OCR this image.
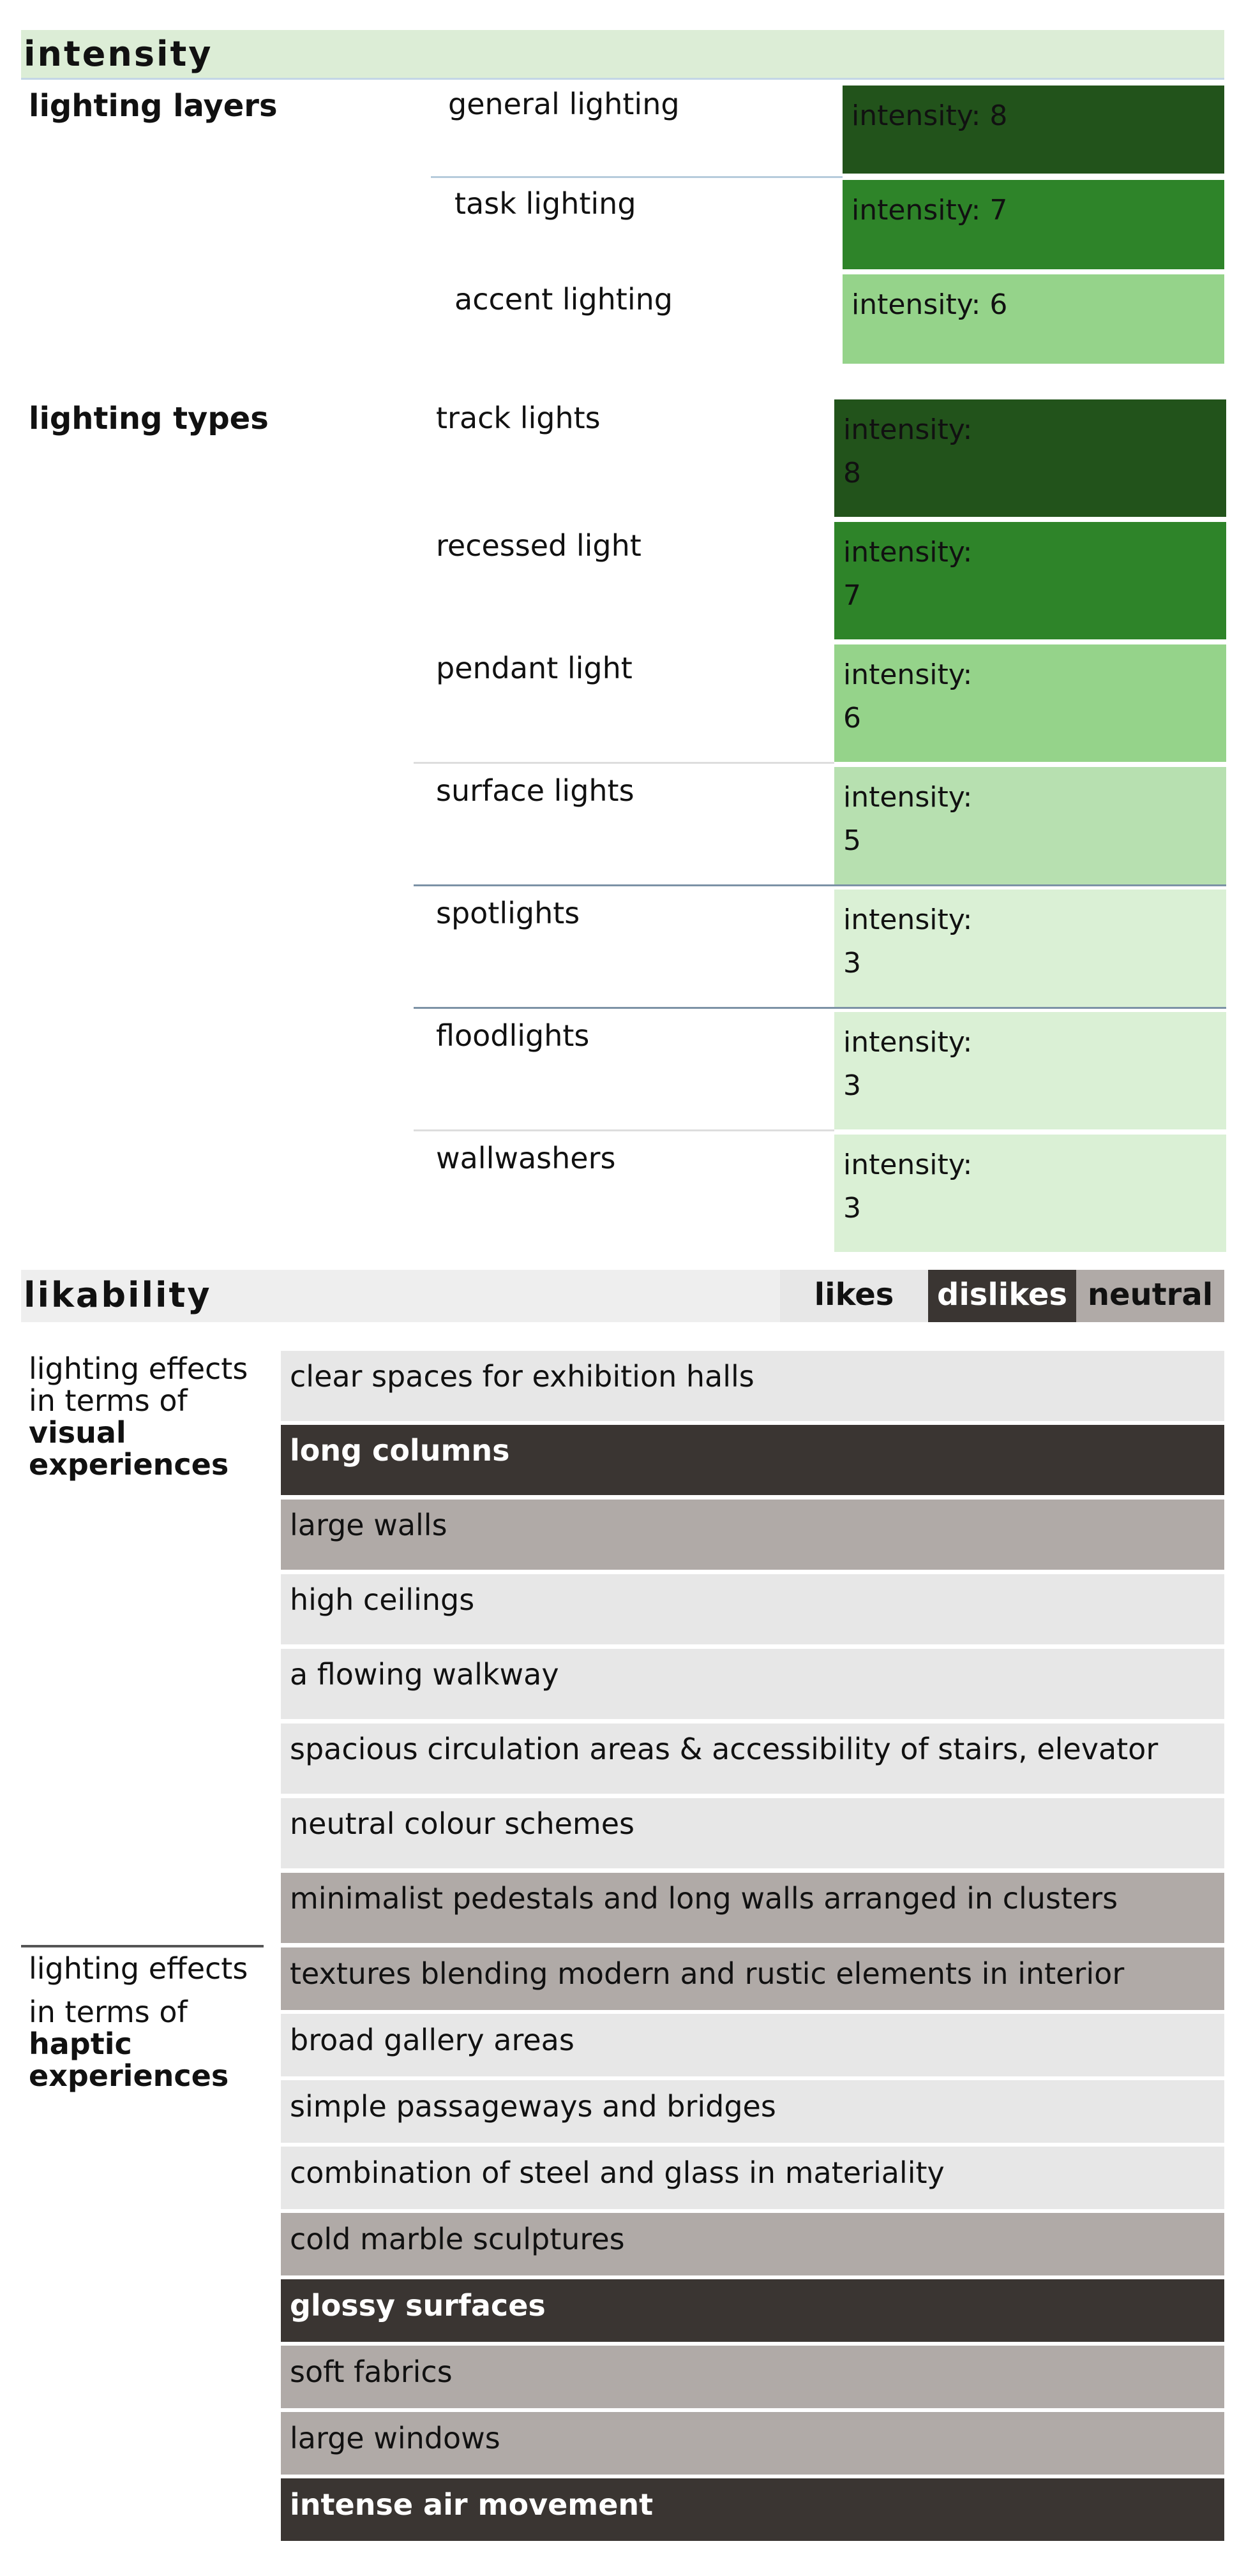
intensity
lighting layers	general lighting	intensity: 8
task lighting	intensity: 7
accent lighting	intensity: 6
lighting types	track lights	intensity:
8
recessed light	intensity:
7
pendant light	intensity:
6
surface lights	intensity:
5
spotlights	intensity:
3
floodlights	intensity:
3
wallwashers	intensity:
3
likability	likes	dislikes neutral
lighting effects
in terms of
visual
experiences
clear spaces for exhibition halls
long columns
large walls
high ceilings
a flowing walkway
spacious circulation areas & accessibility of stairs, elevator
neutral colour schemes
minimalist pedestals and long walls arranged in clusters
lighting effects
in terms of
haptic
experiences
textures blending modern and rustic elements in interior
broad gallery areas
simple passageways and bridges
combination of steel and glass in materiality
cold marble sculptures
glossy surfaces
soft fabrics
large windows
intense air movement
